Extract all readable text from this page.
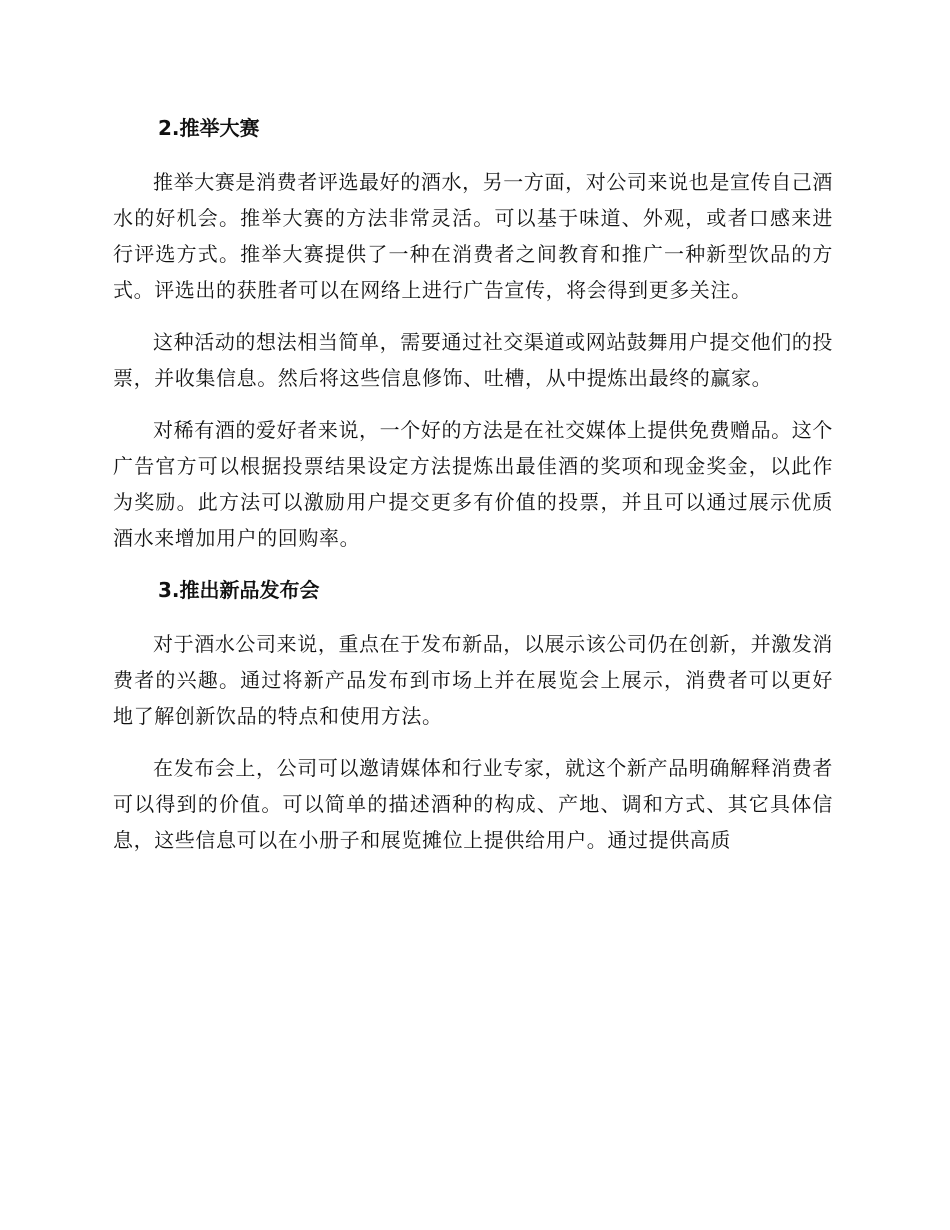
2.推举大赛

推举大赛是消费者评选最好的酒水，另一方面，对公司来说也是宣传自己酒水的好机会。推举大赛的方法非常灵活。可以基于味道、外观，或者口感来进行评选方式。推举大赛提供了一种在消费者之间教育和推广一种新型饮品的方式。评选出的获胜者可以在网络上进行广告宣传，将会得到更多关注。

这种活动的想法相当简单，需要通过社交渠道或网站鼓舞用户提交他们的投票，并收集信息。然后将这些信息修饰、吐槽，从中提炼出最终的赢家。

对稀有酒的爱好者来说，一个好的方法是在社交媒体上提供免费赠品。这个广告官方可以根据投票结果设定方法提炼出最佳酒的奖项和现金奖金，以此作为奖励。此方法可以激励用户提交更多有价值的投票，并且可以通过展示优质酒水来增加用户的回购率。

3.推出新品发布会

对于酒水公司来说，重点在于发布新品，以展示该公司仍在创新，并激发消费者的兴趣。通过将新产品发布到市场上并在展览会上展示，消费者可以更好地了解创新饮品的特点和使用方法。

在发布会上，公司可以邀请媒体和行业专家，就这个新产品明确解释消费者可以得到的价值。可以简单的描述酒种的构成、产地、调和方式、其它具体信息，这些信息可以在小册子和展览摊位上提供给用户。通过提供高质
